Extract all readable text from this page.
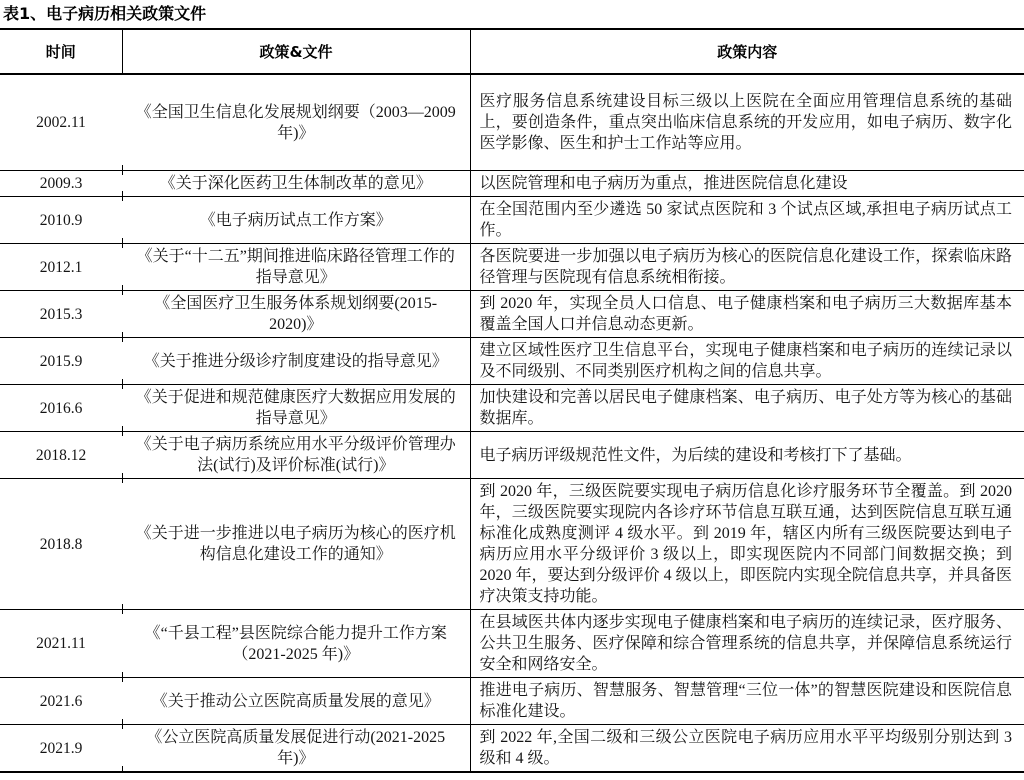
表1、电子病历相关政策文件
时间	政策&文件	政策内容
2002.11	《全国卫生信息化发展规划纲要（2003—2009 年)》	医疗服务信息系统建设目标三级以上医院在全面应用管理信息系统的基础上，要创造条件，重点突出临床信息系统的开发应用，如电子病历、数字化医学影像、医生和护士工作站等应用。
2009.3	《关于深化医药卫生体制改革的意见》	以医院管理和电子病历为重点，推进医院信息化建设
2010.9	《电子病历试点工作方案》	在全国范围内至少遴选 50 家试点医院和 3 个试点区域,承担电子病历试点工作。
2012.1	《关于“十二五”期间推进临床路径管理工作的指导意见》	各医院要进一步加强以电子病历为核心的医院信息化建设工作，探索临床路径管理与医院现有信息系统相衔接。
2015.3	《全国医疗卫生服务体系规划纲要(2015-2020)》	到 2020 年，实现全员人口信息、电子健康档案和电子病历三大数据库基本覆盖全国人口并信息动态更新。
2015.9	《关于推进分级诊疗制度建设的指导意见》	建立区域性医疗卫生信息平台，实现电子健康档案和电子病历的连续记录以及不同级别、不同类别医疗机构之间的信息共享。
2016.6	《关于促进和规范健康医疗大数据应用发展的指导意见》	加快建设和完善以居民电子健康档案、电子病历、电子处方等为核心的基础数据库。
2018.12	《关于电子病历系统应用水平分级评价管理办法(试行)及评价标准(试行)》	电子病历评级规范性文件，为后续的建设和考核打下了基础。
2018.8	《关于进一步推进以电子病历为核心的医疗机构信息化建设工作的通知》	到 2020 年，三级医院要实现电子病历信息化诊疗服务环节全覆盖。到 2020 年，三级医院要实现院内各诊疗环节信息互联互通，达到医院信息互联互通标准化成熟度测评 4 级水平。到 2019 年，辖区内所有三级医院要达到电子病历应用水平分级评价 3 级以上，即实现医院内不同部门间数据交换；到 2020 年，要达到分级评价 4 级以上，即医院内实现全院信息共享，并具备医疗决策支持功能。
2021.11	《“千县工程”县医院综合能力提升工作方案（2021-2025 年)》	在县域医共体内逐步实现电子健康档案和电子病历的连续记录，医疗服务、公共卫生服务、医疗保障和综合管理系统的信息共享，并保障信息系统运行安全和网络安全。
2021.6	《关于推动公立医院高质量发展的意见》	推进电子病历、智慧服务、智慧管理“三位一体”的智慧医院建设和医院信息标准化建设。
2021.9	《公立医院高质量发展促进行动(2021-2025 年)》	到 2022 年,全国二级和三级公立医院电子病历应用水平平均级别分别达到 3 级和 4 级。
